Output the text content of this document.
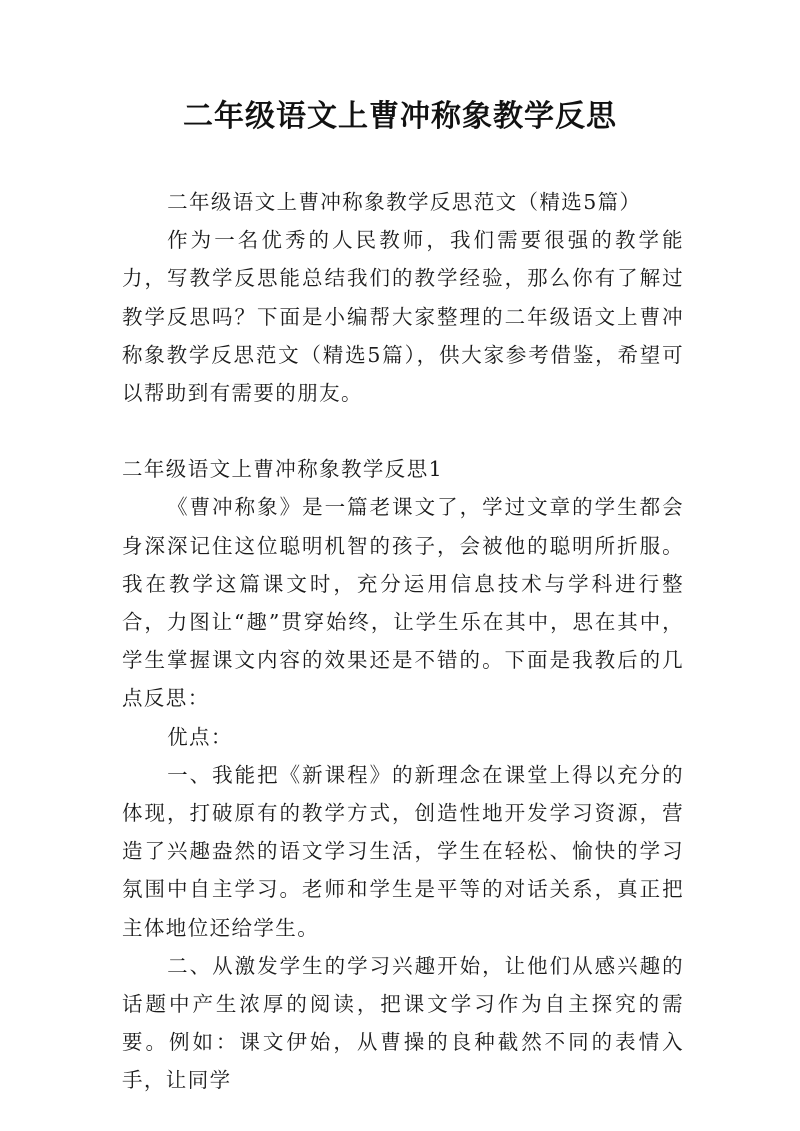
二年级语文上曹冲称象教学反思

二年级语文上曹冲称象教学反思范文（精选5篇）

作为一名优秀的人民教师，我们需要很强的教学能力，写教学反思能总结我们的教学经验，那么你有了解过教学反思吗？下面是小编帮大家整理的二年级语文上曹冲称象教学反思范文（精选5篇），供大家参考借鉴，希望可以帮助到有需要的朋友。

二年级语文上曹冲称象教学反思1

《曹冲称象》是一篇老课文了，学过文章的学生都会身深深记住这位聪明机智的孩子，会被他的聪明所折服。我在教学这篇课文时，充分运用信息技术与学科进行整合，力图让“趣”贯穿始终，让学生乐在其中，思在其中，学生掌握课文内容的效果还是不错的。下面是我教后的几点反思：

优点：

一、我能把《新课程》的新理念在课堂上得以充分的体现，打破原有的教学方式，创造性地开发学习资源，营造了兴趣盎然的语文学习生活，学生在轻松、愉快的学习氛围中自主学习。老师和学生是平等的对话关系，真正把主体地位还给学生。

二、从激发学生的学习兴趣开始，让他们从感兴趣的话题中产生浓厚的阅读，把课文学习作为自主探究的需要。例如：课文伊始，从曹操的良种截然不同的表情入手，让同学
